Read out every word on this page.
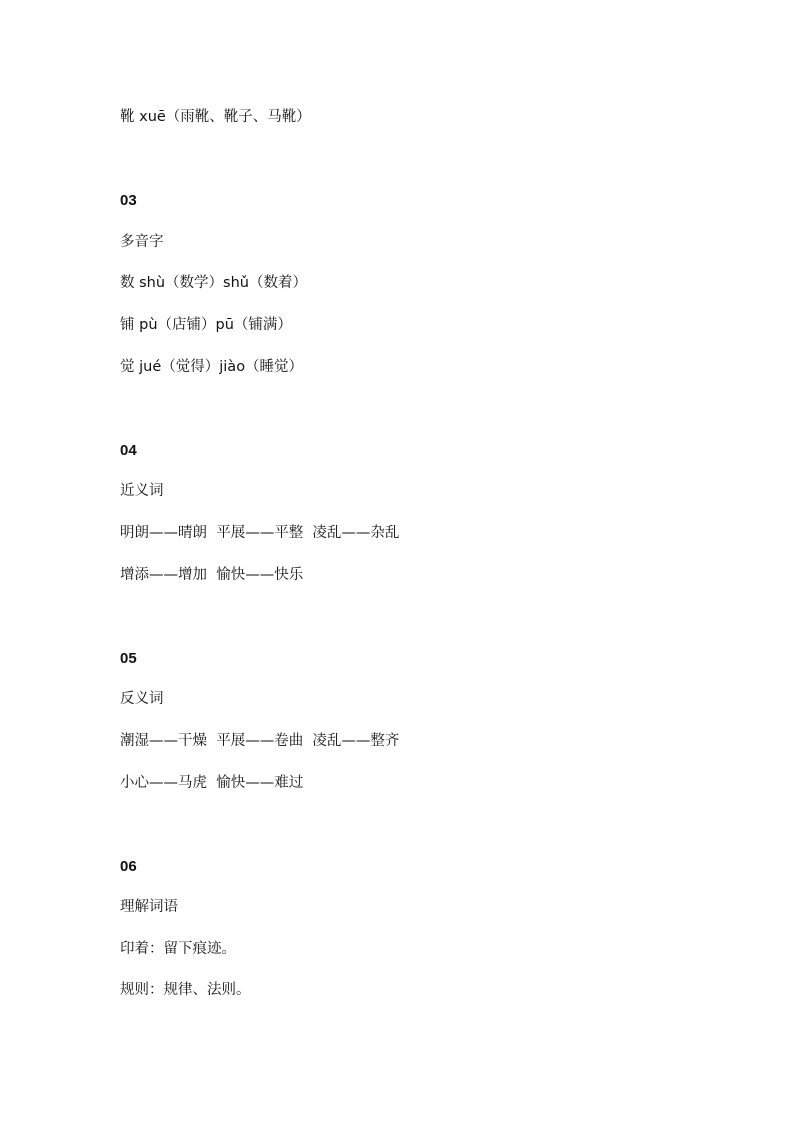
靴 xuē（雨靴、靴子、马靴）
03
多音字
数 shù（数学）shǔ（数着）
铺 pù（店铺）pū（铺满）
觉 jué（觉得）jiào（睡觉）
04
近义词
明朗——晴朗  平展——平整  凌乱——杂乱
增添——增加  愉快——快乐
05
反义词
潮湿——干燥  平展——卷曲  凌乱——整齐
小心——马虎  愉快——难过
06
理解词语
印着：留下痕迹。
规则：规律、法则。
